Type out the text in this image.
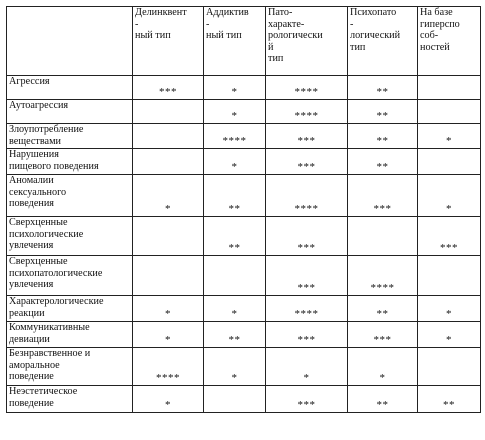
	Делинквент
-
ный тип	Аддиктив
-
ный тип	Пато-
характе-
рологически
й
тип	Психопато
-
логический
тип	На базе
гиперспо
соб-
ностей
Агрессия	***	*	****	**	
Аутоагрессия		*	****	**	
Злоупотребление
веществами		****	***	**	*
Нарушения
пищевого поведения		*	***	**	
Аномалии
сексуального
поведения	*	**	****	***	*
Сверхценные
психологические
увлечения		**	***		***
Сверхценные
психопатологические
увлечения			***	****	
Характерологические
реакции	*	*	****	**	*
Коммуникативные
девиации	*	**	***	***	*
Безнравственное и
аморальное
поведение	****	*	*	*	
Неэстетическое
поведение	*		***	**	**
